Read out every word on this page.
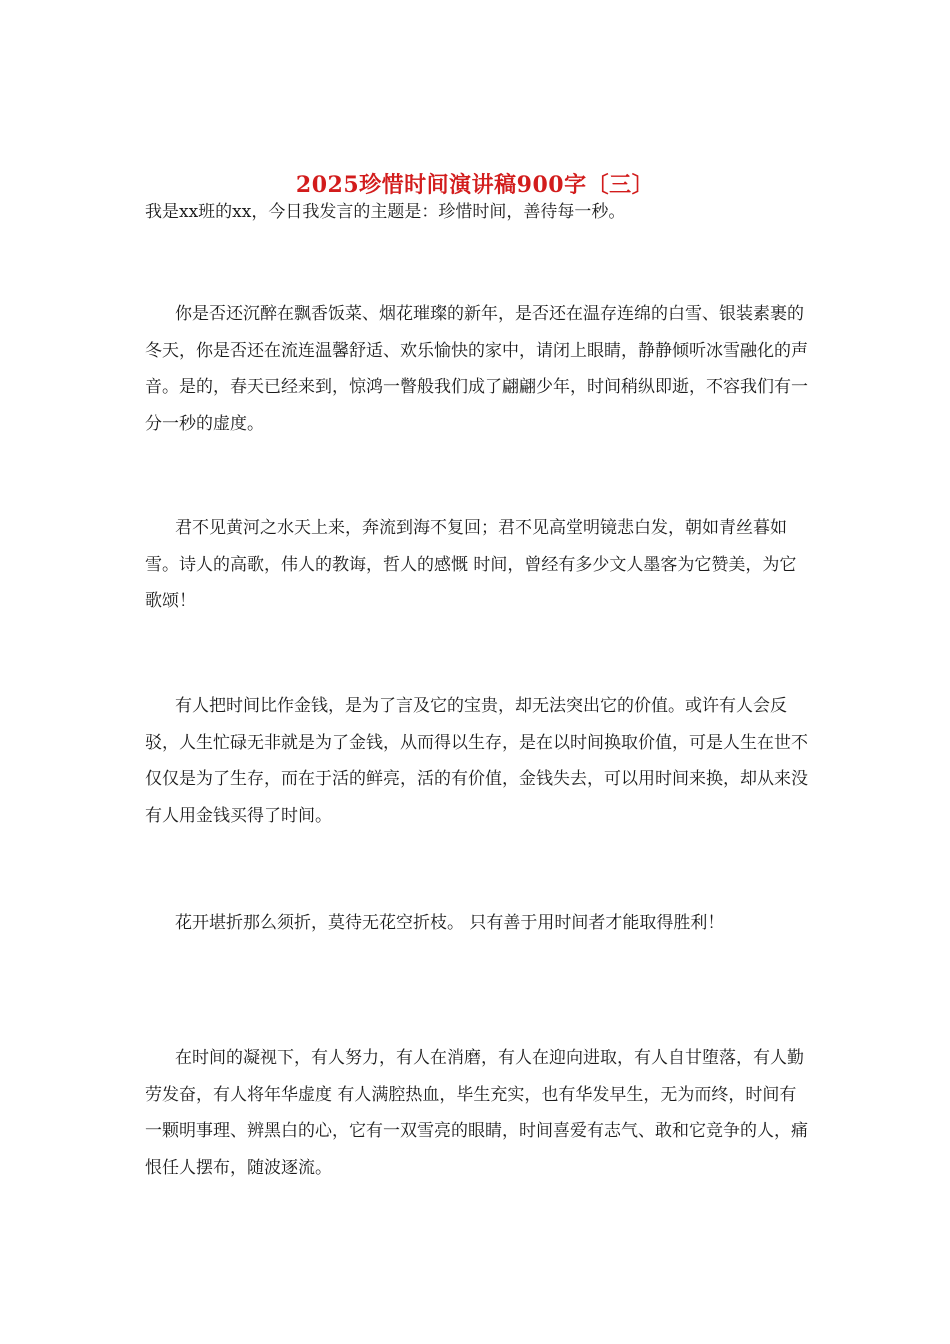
2025珍惜时间演讲稿900字〔三〕

我是xx班的xx，今日我发言的主题是：珍惜时间，善待每一秒。

你是否还沉醉在飘香饭菜、烟花璀璨的新年，是否还在温存连绵的白雪、银装素裹的冬天，你是否还在流连温馨舒适、欢乐愉快的家中，请闭上眼睛，静静倾听冰雪融化的声音。是的，春天已经来到，惊鸿一瞥般我们成了翩翩少年，时间稍纵即逝，不容我们有一分一秒的虚度。

君不见黄河之水天上来，奔流到海不复回；君不见高堂明镜悲白发，朝如青丝暮如雪。诗人的高歌，伟人的教诲，哲人的感慨 时间，曾经有多少文人墨客为它赞美，为它歌颂！

有人把时间比作金钱，是为了言及它的宝贵，却无法突出它的价值。或许有人会反驳，人生忙碌无非就是为了金钱，从而得以生存，是在以时间换取价值，可是人生在世不仅仅是为了生存，而在于活的鲜亮，活的有价值，金钱失去，可以用时间来换，却从来没有人用金钱买得了时间。

花开堪折那么须折，莫待无花空折枝。 只有善于用时间者才能取得胜利！

在时间的凝视下，有人努力，有人在消磨，有人在迎向进取，有人自甘堕落，有人勤劳发奋，有人将年华虚度 有人满腔热血，毕生充实，也有华发早生，无为而终，时间有一颗明事理、辨黑白的心，它有一双雪亮的眼睛，时间喜爱有志气、敢和它竞争的人，痛恨任人摆布，随波逐流。
